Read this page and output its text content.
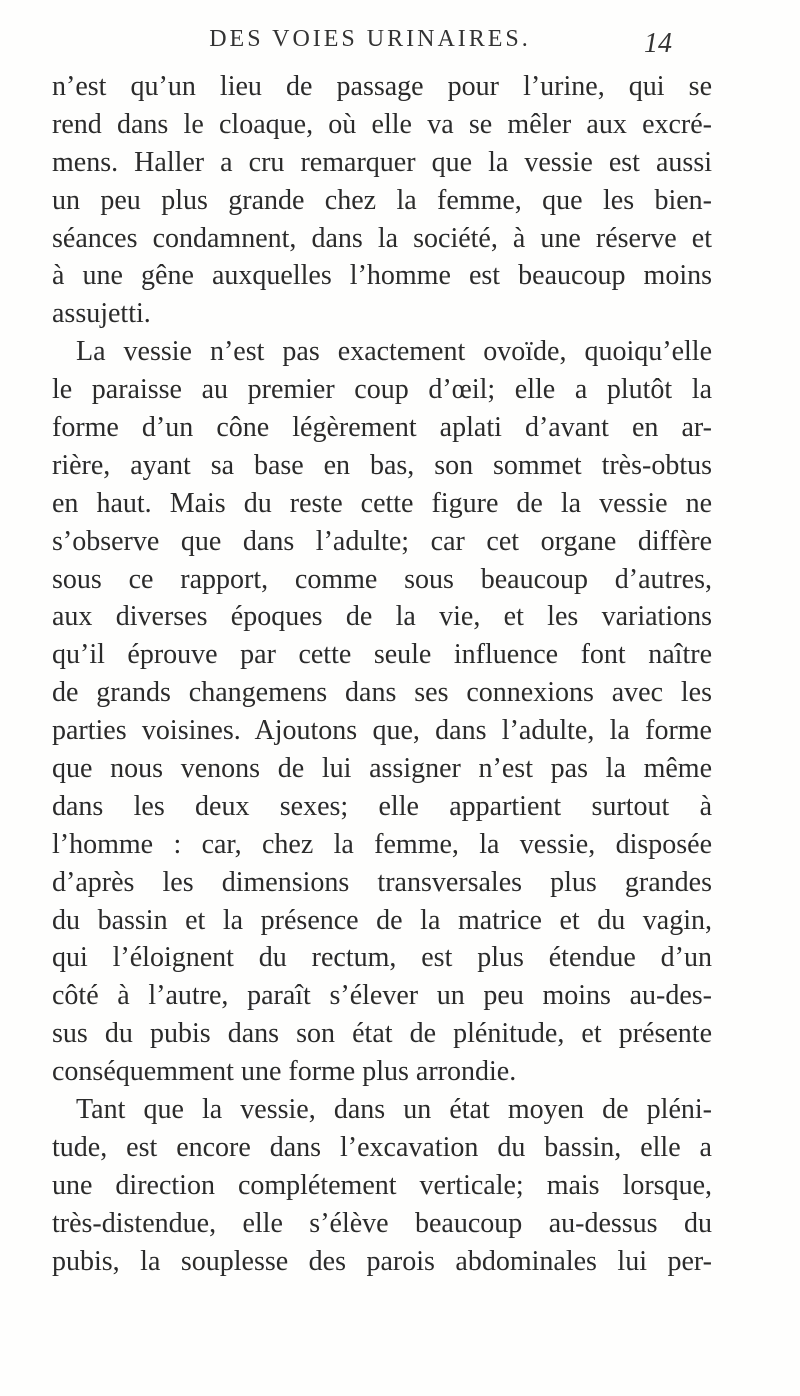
DES VOIES URINAIRES.	14
n’est qu’un lieu de passage pour l’urine, qui se
rend dans le cloaque, où elle va se mêler aux excré-
mens. Haller a cru remarquer que la vessie est aussi
un peu plus grande chez la femme, que les bien-
séances condamnent, dans la société, à une réserve et
à une gêne auxquelles l’homme est beaucoup moins
assujetti.
La vessie n’est pas exactement ovoïde, quoiqu’elle
le paraisse au premier coup d’œil; elle a plutôt la
forme d’un cône légèrement aplati d’avant en ar-
rière, ayant sa base en bas, son sommet très-obtus
en haut. Mais du reste cette figure de la vessie ne
s’observe que dans l’adulte; car cet organe diffère
sous ce rapport, comme sous beaucoup d’autres,
aux diverses époques de la vie, et les variations
qu’il éprouve par cette seule influence font naître
de grands changemens dans ses connexions avec les
parties voisines. Ajoutons que, dans l’adulte, la forme
que nous venons de lui assigner n’est pas la même
dans les deux sexes; elle appartient surtout à
l’homme : car, chez la femme, la vessie, disposée
d’après les dimensions transversales plus grandes
du bassin et la présence de la matrice et du vagin,
qui l’éloignent du rectum, est plus étendue d’un
côté à l’autre, paraît s’élever un peu moins au-des-
sus du pubis dans son état de plénitude, et présente
conséquemment une forme plus arrondie.
Tant que la vessie, dans un état moyen de pléni-
tude, est encore dans l’excavation du bassin, elle a
une direction complétement verticale; mais lorsque,
très-distendue, elle s’élève beaucoup au-dessus du
pubis, la souplesse des parois abdominales lui per-
